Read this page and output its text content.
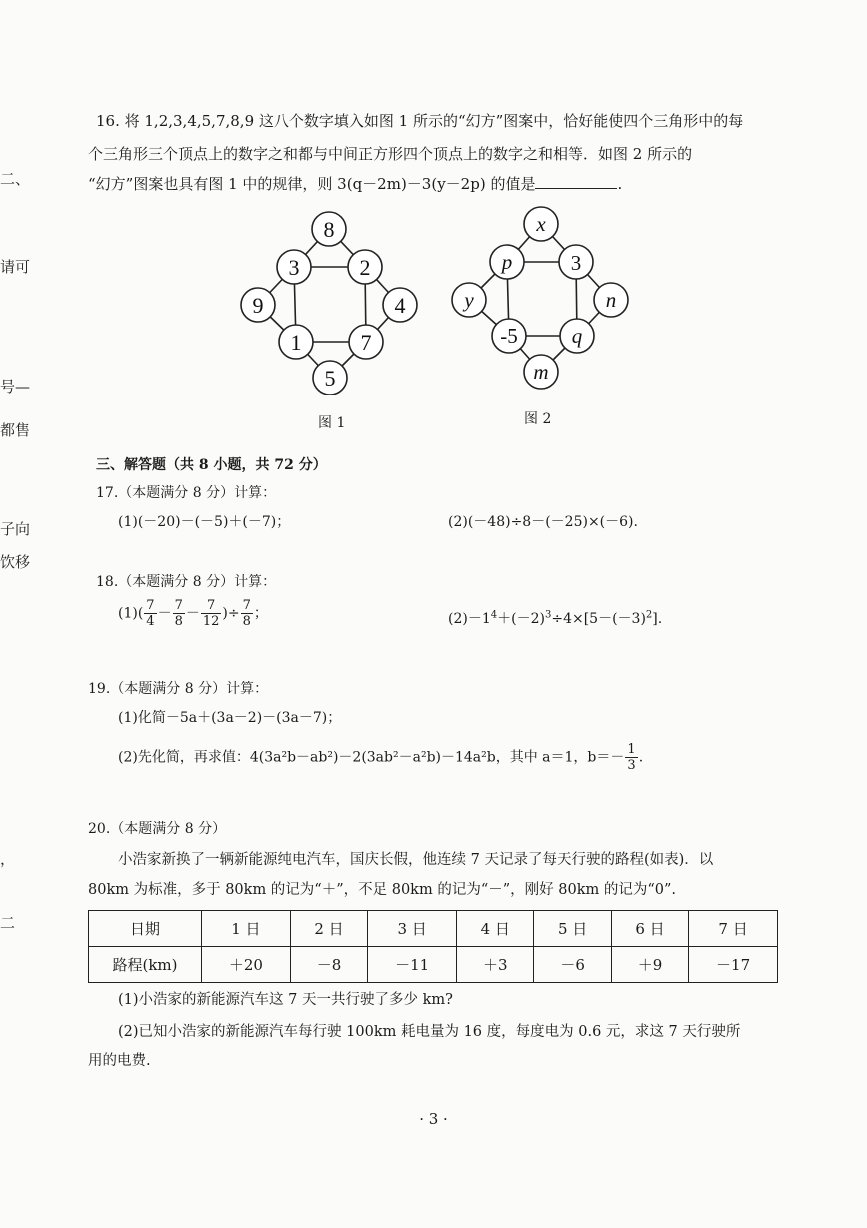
二、
请可
号—
都售
子向
饮移
，
二
16. 将 1,2,3,4,5,7,8,9 这八个数字填入如图 1 所示的“幻方”图案中，恰好能使四个三角形中的每
个三角形三个顶点上的数字之和都与中间正方形四个顶点上的数字之和相等．如图 2 所示的
“幻方”图案也具有图 1 中的规律，则 3(q－2m)－3(y－2p) 的值是	.
8
3	2
9	4
1	7
5
图 1
x
p	3
y	n
-5	q
m
图 2
三、解答题（共 8 小题，共 72 分）
17.（本题满分 8 分）计算：
(1)(－20)－(－5)＋(－7)；	(2)(－48)÷8－(－25)×(－6).
18.（本题满分 8 分）计算：
$(1)( \frac{7}{4} - \frac{7}{8} - \frac{7}{12}$ )÷ $\frac{7}{8}$ ；	$(2)-1^4+(-2)^3\div 4\times[5-(-3)^2]$.
19.（本题满分 8 分）计算：
(1)化简－5a＋(3a－2)－(3a－7)；
(2)先化简，再求值：4(3a²b－ab²)－2(3ab²－a²b)－14a²b，其中 a＝1，$b=- \frac{1}{3}$ .
20.（本题满分 8 分）
小浩家新换了一辆新能源纯电汽车，国庆长假，他连续 7 天记录了每天行驶的路程(如表)．以
80km 为标准，多于 80km 的记为“＋”，不足 80km 的记为“－”，刚好 80km 的记为“0”.
日期	1 日	2 日	3 日	4 日	5 日	6 日	7 日
路程(km)	＋20	－8	－11	＋3	－6	＋9	－17
(1)小浩家的新能源汽车这 7 天一共行驶了多少 km?
(2)已知小浩家的新能源汽车每行驶 100km 耗电量为 16 度，每度电为 0.6 元，求这 7 天行驶所
用的电费.
· 3 ·
